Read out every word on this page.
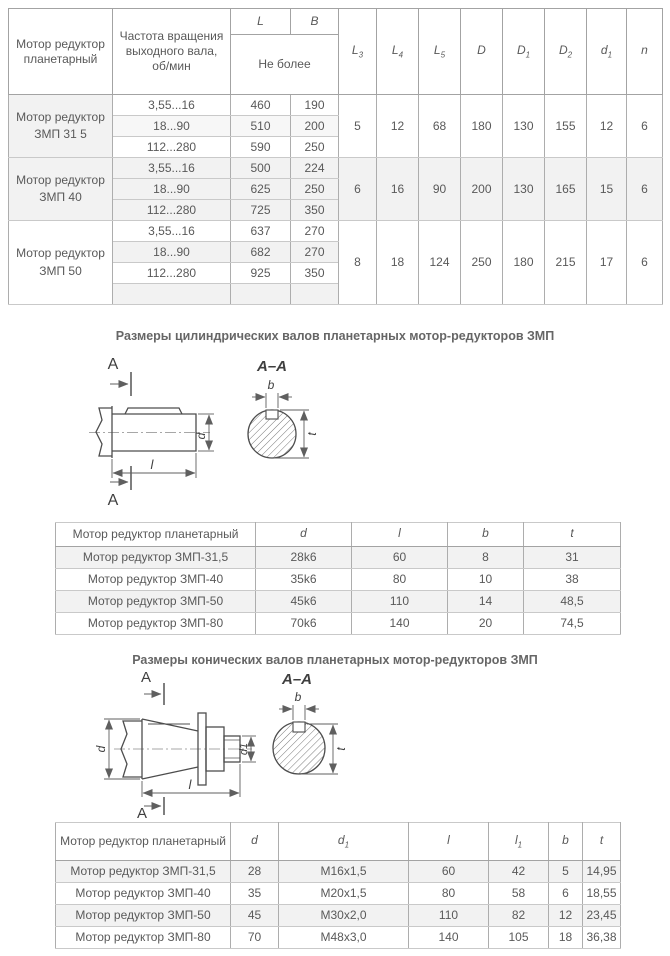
Мотор редуктор планетарный	Частота вращения выходного вала, об/мин	L	B	$L_3$	$L_4$	$L_5$	D	$D_1$	$D_2$	$d_1$	n
		Не более									
Мотор редуктор ЗМП 31 5	3,55...16	460	190	5	12	68	180	130	155	12	6
	18...90	510	200								
	112...280	590	250								
Мотор редуктор ЗМП 40	3,55...16	500	224	6	16	90	200	130	165	15	6
	18...90	625	250								
	112...280	725	350								
Мотор редуктор ЗМП 50	3,55...16	637	270	8	18	124	250	180	215	17	6
	18...90	682	270								
	112...280	925	350								

Размеры цилиндрических валов планетарных мотор-редукторов ЗМП
A
A
A–A
d
l
b
t
Мотор редуктор планетарный	d	l	b	t
Мотор редуктор ЗМП-31,5	28k6	60	8	31
Мотор редуктор ЗМП-40	35k6	80	10	38
Мотор редуктор ЗМП-50	45k6	110	14	48,5
Мотор редуктор ЗМП-80	70k6	140	20	74,5
Размеры конических валов планетарных мотор-редукторов ЗМП
A
A
A–A
d	d1
l
b
t
Мотор редуктор планетарный	d	$d_1$	l	$l_1$	b	t
Мотор редуктор ЗМП-31,5	28	М16х1,5	60	42	5	14,95
Мотор редуктор ЗМП-40	35	М20х1,5	80	58	6	18,55
Мотор редуктор ЗМП-50	45	М30х2,0	110	82	12	23,45
Мотор редуктор ЗМП-80	70	М48х3,0	140	105	18	36,38
